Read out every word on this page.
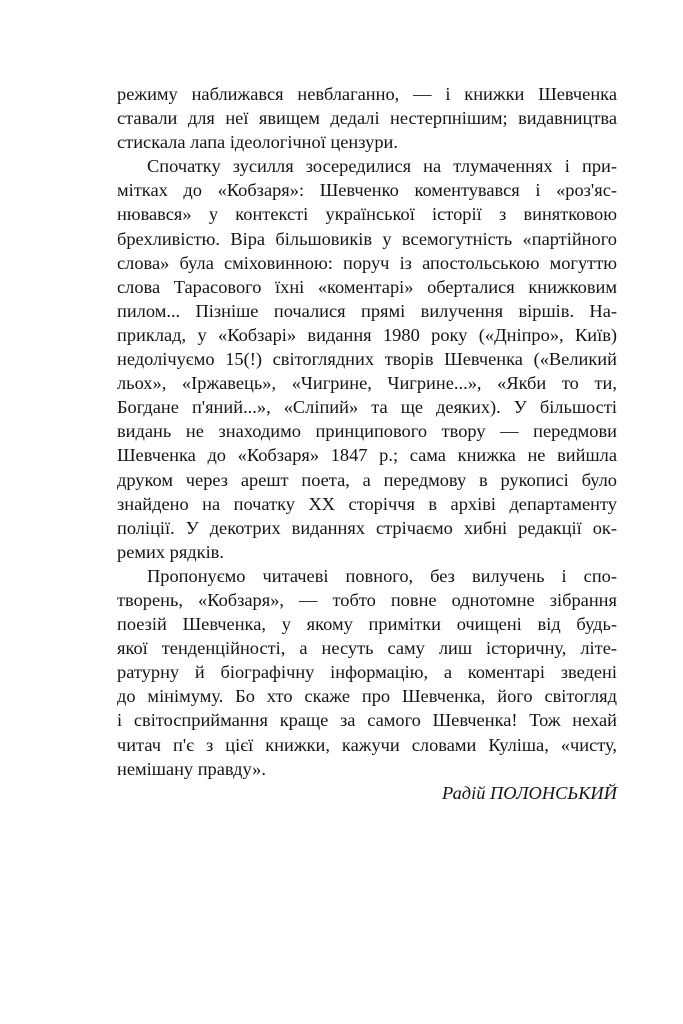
режиму наближався невблаганно, — і книжки Шевченка
ставали для неї явищем дедалі нестерпнішим; видавництва
стискала лапа ідеологічної цензури.
Спочатку зусилля зосередилися на тлумаченнях і при-
мітках до «Кобзаря»: Шевченко коментувався і «роз'яс-
нювався» у контексті української історії з винятковою
брехливістю. Віра більшовиків у всемогутність «партійного
слова» була сміховинною: поруч із апостольською могуттю
слова Тарасового їхні «коментарі» оберталися книжковим
пилом... Пізніше почалися прямі вилучення віршів. На-
приклад, у «Кобзарі» видання 1980 року («Дніпро», Київ)
недолічуємо 15(!) світоглядних творів Шевченка («Великий
льох», «Іржавець», «Чигрине, Чигрине...», «Якби то ти,
Богдане п'яний...», «Сліпий» та ще деяких). У більшості
видань не знаходимо принципового твору — передмови
Шевченка до «Кобзаря» 1847 р.; сама книжка не вийшла
друком через арешт поета, а передмову в рукописі було
знайдено на початку ХХ сторіччя в архіві департаменту
поліції. У декотрих виданнях стрічаємо хибні редакції ок-
ремих рядків.
Пропонуємо читачеві повного, без вилучень і спо-
творень, «Кобзаря», — тобто повне однотомне зібрання
поезій Шевченка, у якому примітки очищені від будь-
якої тенденційності, а несуть саму лиш історичну, літе-
ратурну й біографічну інформацію, а коментарі зведені
до мінімуму. Бо хто скаже про Шевченка, його світогляд
і світосприймання краще за самого Шевченка! Тож нехай
читач п'є з цієї книжки, кажучи словами Куліша, «чисту,
немішану правду».
Радій ПОЛОНСЬКИЙ
